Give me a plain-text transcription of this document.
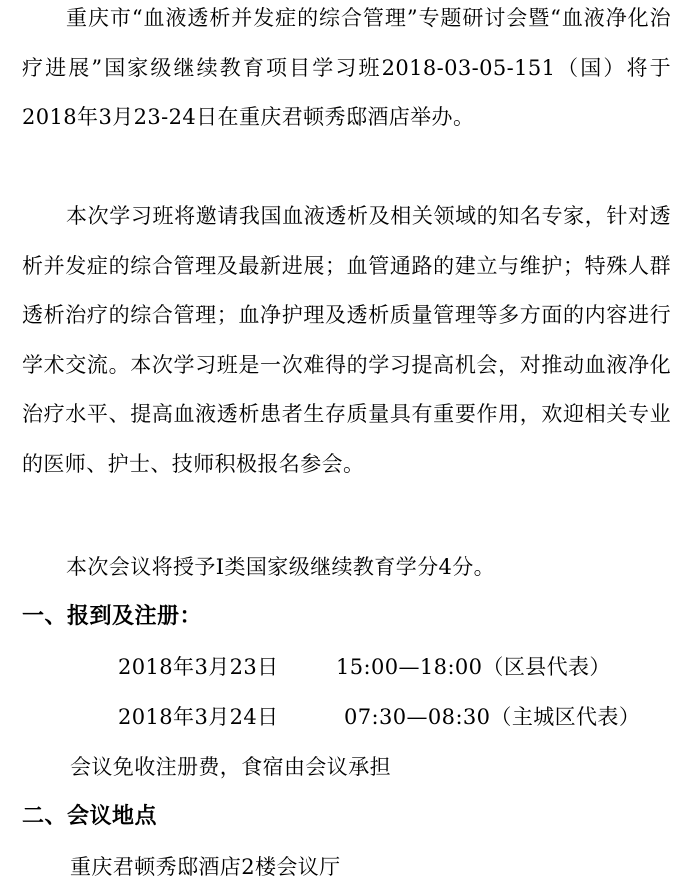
重庆市“血液透析并发症的综合管理”专题研讨会暨“血液净化治疗进展”国家级继续教育项目学习班2018-03-05-151（国）将于2018年3月23-24日在重庆君顿秀邸酒店举办。

本次学习班将邀请我国血液透析及相关领域的知名专家，针对透析并发症的综合管理及最新进展；血管通路的建立与维护；特殊人群透析治疗的综合管理；血净护理及透析质量管理等多方面的内容进行学术交流。本次学习班是一次难得的学习提高机会，对推动血液净化治疗水平、提高血液透析患者生存质量具有重要作用，欢迎相关专业的医师、护士、技师积极报名参会。

本次会议将授予I类国家级继续教育学分4分。

一、报到及注册：
2018年3月23日	15:00—18:00（区县代表）
2018年3月24日	07:30—08:30（主城区代表）

会议免收注册费，食宿由会议承担

二、会议地点

重庆君顿秀邸酒店2楼会议厅
